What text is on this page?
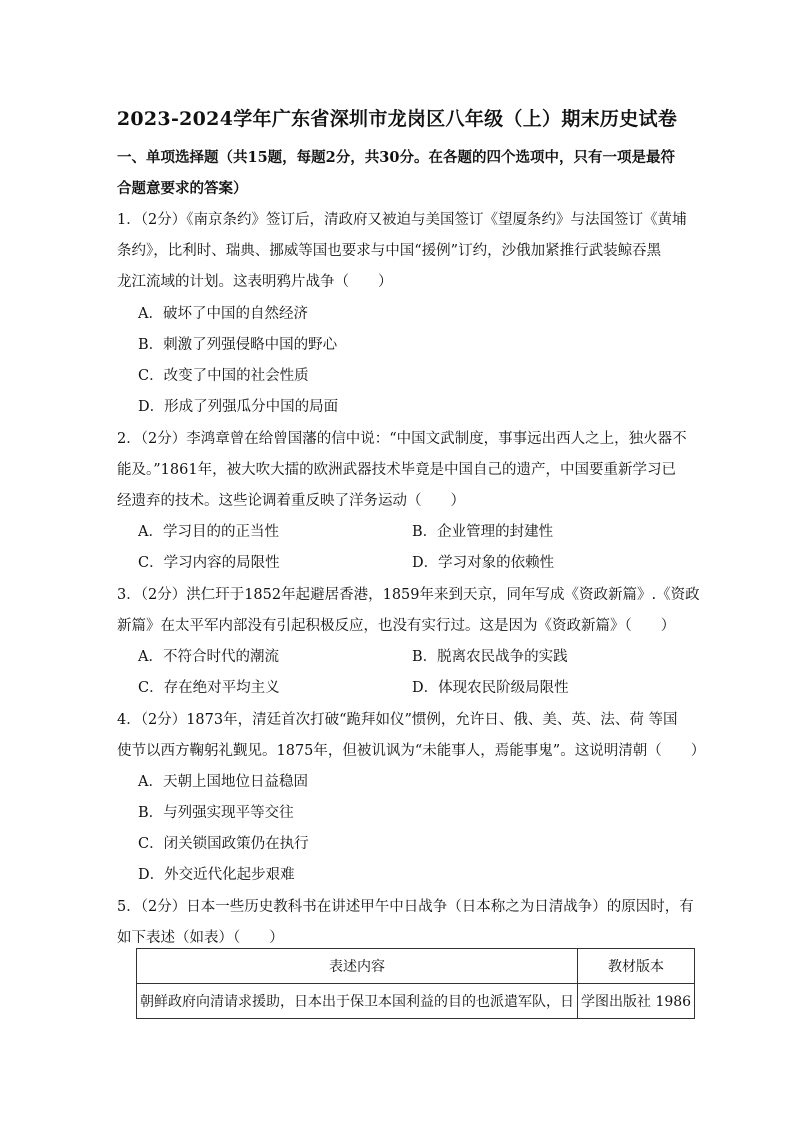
2023-2024学年广东省深圳市龙岗区八年级（上）期末历史试卷
一、单项选择题（共15题，每题2分，共30分。在各题的四个选项中，只有一项是最符
合题意要求的答案）
1．（2分）《南京条约》签订后，清政府又被迫与美国签订《望厦条约》与法国签订《黄埔
条约》，比利时、瑞典、挪威等国也要求与中国“援例”订约，沙俄加紧推行武装鲸吞黑
龙江流域的计划。这表明鸦片战争（　　）
A．破坏了中国的自然经济
B．刺激了列强侵略中国的野心
C．改变了中国的社会性质
D．形成了列强瓜分中国的局面
2．（2分）李鸿章曾在给曾国藩的信中说：“中国文武制度，事事远出西人之上，独火器不
能及。”1861年，被大吹大擂的欧洲武器技术毕竟是中国自己的遗产，中国要重新学习已
经遗弃的技术。这些论调着重反映了洋务运动（　　）
A．学习目的的正当性	B．企业管理的封建性
C．学习内容的局限性	D．学习对象的依赖性
3．（2分）洪仁玕于1852年起避居香港，1859年来到天京，同年写成《资政新篇》.《资政
新篇》在太平军内部没有引起积极反应，也没有实行过。这是因为《资政新篇》（　　）
A．不符合时代的潮流	B．脱离农民战争的实践
C．存在绝对平均主义	D．体现农民阶级局限性
4．（2分）1873年，清廷首次打破“跪拜如仪”惯例，允许日、俄、美、英、法、荷 等国
使节以西方鞠躬礼觐见。1875年，但被讥讽为“未能事人，焉能事鬼”。这说明清朝（　　）
A．天朝上国地位日益稳固
B．与列强实现平等交往
C．闭关锁国政策仍在执行
D．外交近代化起步艰难
5．（2分）日本一些历史教科书在讲述甲午中日战争（日本称之为日清战争）的原因时，有
如下表述（如表）（　　）
表述内容	教材版本
朝鲜政府向清请求援助，日本出于保卫本国利益的目的也派遣军队，日	学图出版社 1986
